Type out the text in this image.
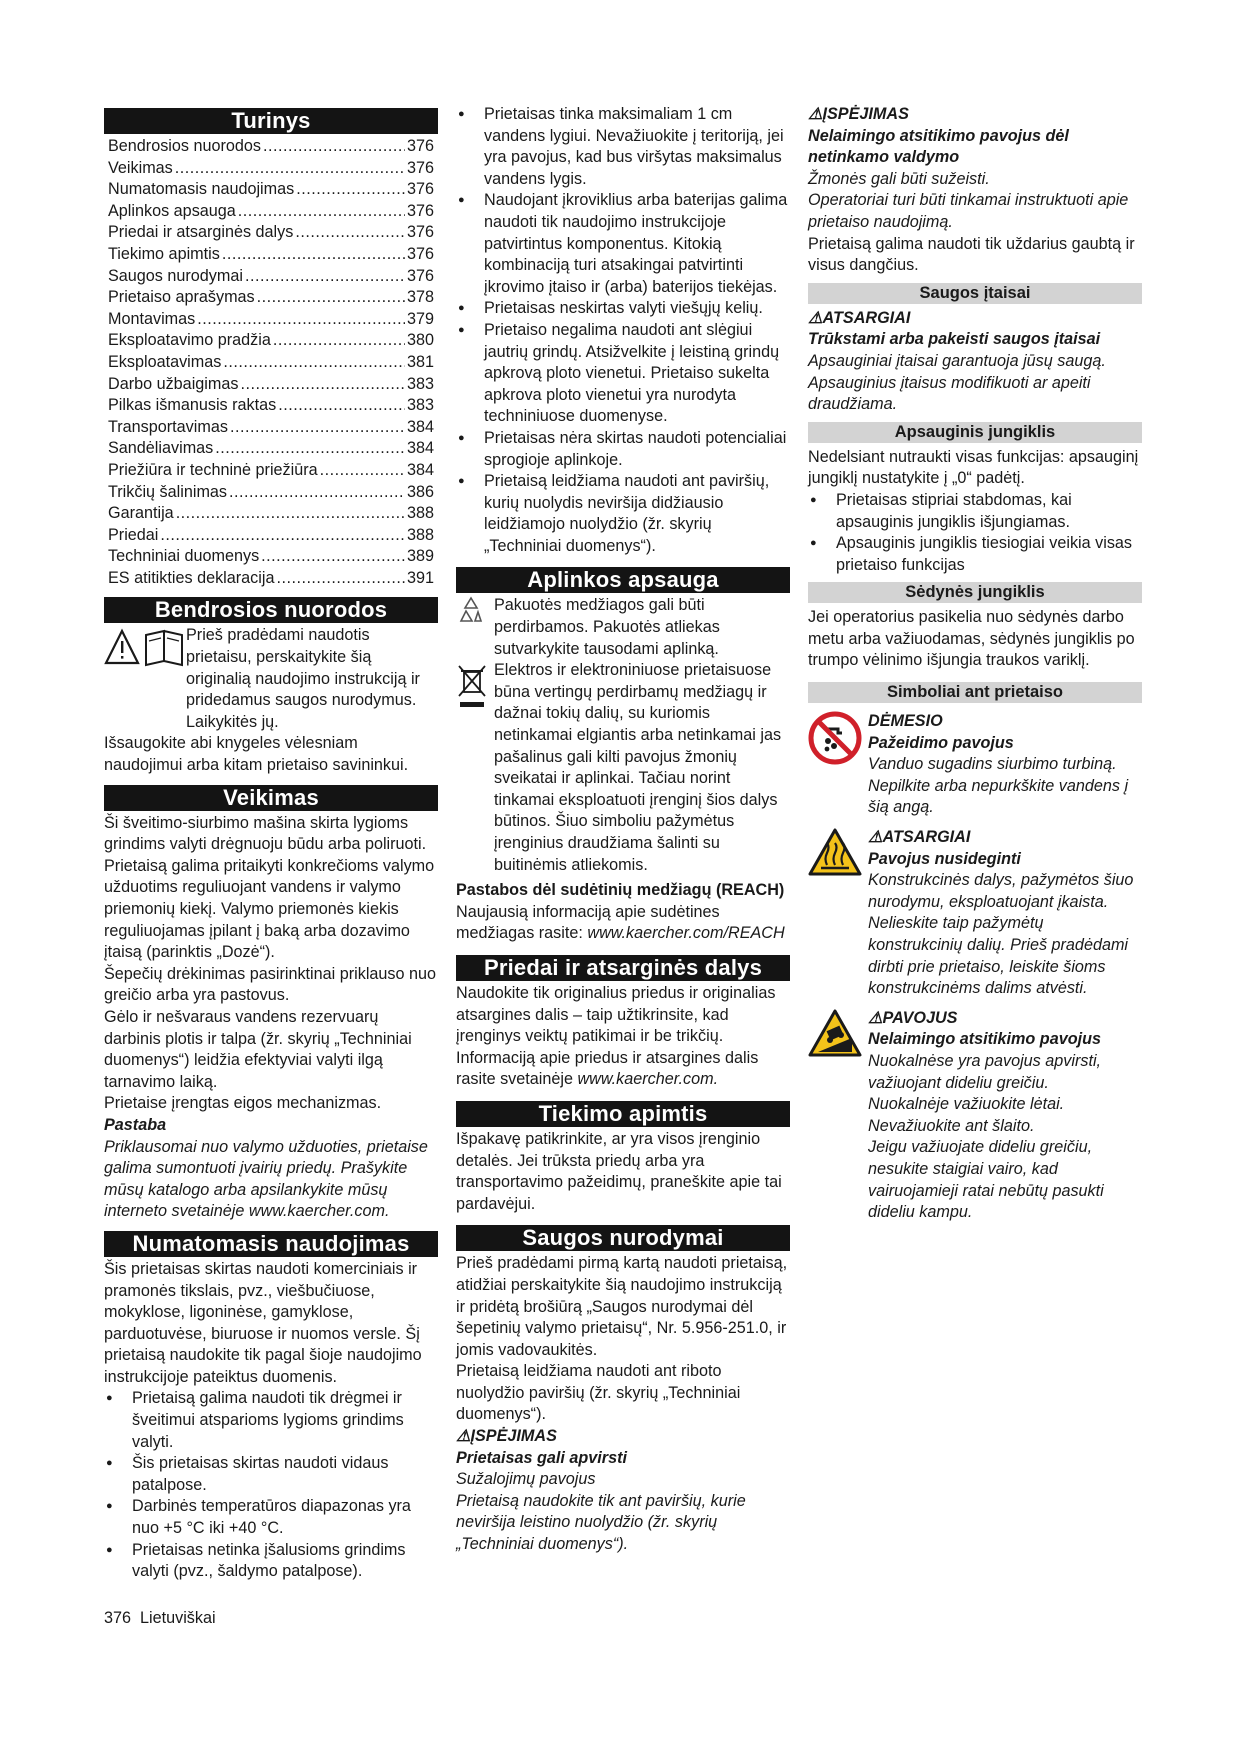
Turinys
Bendrosios nuorodos .....	376
Veikimas .....	376
Numatomasis naudojimas .....	376
Aplinkos apsauga .....	376
Priedai ir atsarginės dalys .....	376
Tiekimo apimtis .....	376
Saugos nurodymai .....	376
Prietaiso aprašymas .....	378
Montavimas .....	379
Eksploatavimo pradžia .....	380
Eksploatavimas .....	381
Darbo užbaigimas .....	383
Pilkas išmanusis raktas .....	383
Transportavimas .....	384
Sandėliavimas .....	384
Priežiūra ir techninė priežiūra .....	384
Trikčių šalinimas .....	386
Garantija .....	388
Priedai .....	388
Techniniai duomenys .....	389
ES atitikties deklaracija .....	391
Bendrosios nuorodos

Prieš pradėdami naudotis prietaisu, perskaitykite šią originalią naudojimo instrukciją ir pridedamus saugos nurodymus. Laikykitės jų.

Išsaugokite abi knygeles vėlesniam naudojimui arba kitam prietaiso savininkui.

Veikimas

Ši šveitimo-siurbimo mašina skirta lygioms grindims valyti drėgnuoju būdu arba poliruoti.

Prietaisą galima pritaikyti konkrečioms valymo užduotims reguliuojant vandens ir valymo priemonių kiekį. Valymo priemonės kiekis reguliuojamas įpilant į baką arba dozavimo įtaisą (parinktis „Dozė“).

Šepečių drėkinimas pasirinktinai priklauso nuo greičio arba yra pastovus.

Gėlo ir nešvaraus vandens rezervuarų darbinis plotis ir talpa (žr. skyrių „Techniniai duomenys“) leidžia efektyviai valyti ilgą tarnavimo laiką.

Prietaise įrengtas eigos mechanizmas.

Pastaba

Priklausomai nuo valymo užduoties, prietaise galima sumontuoti įvairių priedų. Prašykite mūsų katalogo arba apsilankykite mūsų interneto svetainėje www.kaercher.com.

Numatomasis naudojimas

Šis prietaisas skirtas naudoti komerciniais ir pramonės tikslais, pvz., viešbučiuose, mokyklose, ligoninėse, gamyklose, parduotuvėse, biuruose ir nuomos versle. Šį prietaisą naudokite tik pagal šioje naudojimo instrukcijoje pateiktus duomenis.

● Prietaisą galima naudoti tik drėgmei ir šveitimui atsparioms lygioms grindims valyti.
● Šis prietaisas skirtas naudoti vidaus patalpose.
● Darbinės temperatūros diapazonas yra nuo +5 °C iki +40 °C.
● Prietaisas netinka įšalusioms grindims valyti (pvz., šaldymo patalpose).
● Prietaisas tinka maksimaliam 1 cm vandens lygiui. Nevažiuokite į teritoriją, jei yra pavojus, kad bus viršytas maksimalus vandens lygis.
● Naudojant įkroviklius arba baterijas galima naudoti tik naudojimo instrukcijoje patvirtintus komponentus. Kitokią kombinaciją turi atsakingai patvirtinti įkrovimo įtaiso ir (arba) baterijos tiekėjas.
● Prietaisas neskirtas valyti viešųjų kelių.
● Prietaiso negalima naudoti ant slėgiui jautrių grindų. Atsižvelkite į leistiną grindų apkrovą ploto vienetui. Prietaiso sukelta apkrova ploto vienetui yra nurodyta techniniuose duomenyse.
● Prietaisas nėra skirtas naudoti potencialiai sprogioje aplinkoje.
● Prietaisą leidžiama naudoti ant paviršių, kurių nuolydis neviršija didžiausio leidžiamojo nuolydžio (žr. skyrių „Techniniai duomenys“).
Aplinkos apsauga

Pakuotės medžiagos gali būti perdirbamos. Pakuotės atliekas sutvarkykite tausodami aplinką.

Elektros ir elektroniniuose prietaisuose būna vertingų perdirbamų medžiagų ir dažnai tokių dalių, su kuriomis netinkamai elgiantis arba netinkamai jas pašalinus gali kilti pavojus žmonių sveikatai ir aplinkai. Tačiau norint tinkamai eksploatuoti įrenginį šios dalys būtinos. Šiuo simboliu pažymėtus įrenginius draudžiama šalinti su buitinėmis atliekomis.

Pastabos dėl sudėtinių medžiagų (REACH)

Naujausią informaciją apie sudėtines medžiagas rasite: www.kaercher.com/REACH

Priedai ir atsarginės dalys

Naudokite tik originalius priedus ir originalias atsargines dalis – taip užtikrinsite, kad įrenginys veiktų patikimai ir be trikčių.

Informaciją apie priedus ir atsargines dalis rasite svetainėje www.kaercher.com.

Tiekimo apimtis

Išpakavę patikrinkite, ar yra visos įrenginio detalės. Jei trūksta priedų arba yra transportavimo pažeidimų, praneškite apie tai pardavėjui.

Saugos nurodymai

Prieš pradėdami pirmą kartą naudoti prietaisą, atidžiai perskaitykite šią naudojimo instrukciją ir pridėtą brošiūrą „Saugos nurodymai dėl šepetinių valymo prietaisų“, Nr. 5.956-251.0, ir jomis vadovaukitės.

Prietaisą leidžiama naudoti ant riboto nuolydžio paviršių (žr. skyrių „Techniniai duomenys“).

⚠ĮSPĖJIMAS

Prietaisas gali apvirsti

Sužalojimų pavojus

Prietaisą naudokite tik ant paviršių, kurie neviršija leistino nuolydžio (žr. skyrių „Techniniai duomenys“).

⚠ĮSPĖJIMAS

Nelaimingo atsitikimo pavojus dėl netinkamo valdymo

Žmonės gali būti sužeisti.

Operatoriai turi būti tinkamai instruktuoti apie prietaiso naudojimą.

Prietaisą galima naudoti tik uždarius gaubtą ir visus dangčius.

Saugos įtaisai

⚠ATSARGIAI

Trūkstami arba pakeisti saugos įtaisai

Apsauginiai įtaisai garantuoja jūsų saugą. Apsauginius įtaisus modifikuoti ar apeiti draudžiama.

Apsauginis jungiklis

Nedelsiant nutraukti visas funkcijas: apsauginį jungiklį nustatykite į „0“ padėtį.

● Prietaisas stipriai stabdomas, kai apsauginis jungiklis išjungiamas.
● Apsauginis jungiklis tiesiogiai veikia visas prietaiso funkcijas
Sėdynės jungiklis

Jei operatorius pasikelia nuo sėdynės darbo metu arba važiuodamas, sėdynės jungiklis po trumpo vėlinimo išjungia traukos variklį.

Simboliai ant prietaiso

DĖMESIO

Pažeidimo pavojus

Vanduo sugadins siurbimo turbiną. Nepilkite arba nepurkškite vandens į šią angą.

⚠ATSARGIAI

Pavojus nusideginti

Konstrukcinės dalys, pažymėtos šiuo nurodymu, eksploatuojant įkaista.

Nelieskite taip pažymėtų konstrukcinių dalių. Prieš pradėdami dirbti prie prietaiso, leiskite šioms konstrukcinėms dalims atvėsti.

⚠PAVOJUS

Nelaimingo atsitikimo pavojus

Nuokalnėse yra pavojus apvirsti, važiuojant dideliu greičiu.

Nuokalnėje važiuokite lėtai.

Nevažiuokite ant šlaito.

Jeigu važiuojate dideliu greičiu, nesukite staigiai vairo, kad vairuojamieji ratai nebūtų pasukti dideliu kampu.

376 Lietuviškai
